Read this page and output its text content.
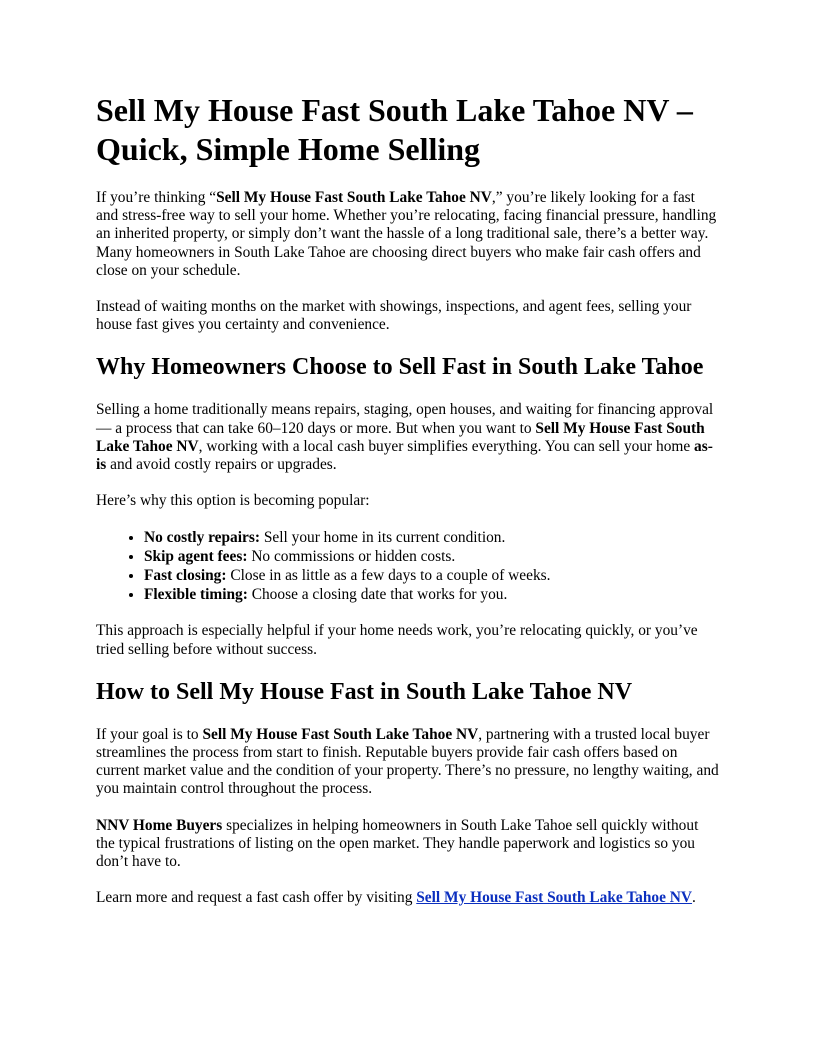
Sell My House Fast South Lake Tahoe NV – Quick, Simple Home Selling

If you’re thinking “Sell My House Fast South Lake Tahoe NV,” you’re likely looking for a fast and stress-free way to sell your home. Whether you’re relocating, facing financial pressure, handling an inherited property, or simply don’t want the hassle of a long traditional sale, there’s a better way. Many homeowners in South Lake Tahoe are choosing direct buyers who make fair cash offers and close on your schedule.

Instead of waiting months on the market with showings, inspections, and agent fees, selling your house fast gives you certainty and convenience.

Why Homeowners Choose to Sell Fast in South Lake Tahoe

Selling a home traditionally means repairs, staging, open houses, and waiting for financing approval — a process that can take 60–120 days or more. But when you want to Sell My House Fast South Lake Tahoe NV, working with a local cash buyer simplifies everything. You can sell your home as-is and avoid costly repairs or upgrades.

Here’s why this option is becoming popular:

• No costly repairs: Sell your home in its current condition.
• Skip agent fees: No commissions or hidden costs.
• Fast closing: Close in as little as a few days to a couple of weeks.
• Flexible timing: Choose a closing date that works for you.

This approach is especially helpful if your home needs work, you’re relocating quickly, or you’ve tried selling before without success.

How to Sell My House Fast in South Lake Tahoe NV

If your goal is to Sell My House Fast South Lake Tahoe NV, partnering with a trusted local buyer streamlines the process from start to finish. Reputable buyers provide fair cash offers based on current market value and the condition of your property. There’s no pressure, no lengthy waiting, and you maintain control throughout the process.

NNV Home Buyers specializes in helping homeowners in South Lake Tahoe sell quickly without the typical frustrations of listing on the open market. They handle paperwork and logistics so you don’t have to.

Learn more and request a fast cash offer by visiting Sell My House Fast South Lake Tahoe NV.
